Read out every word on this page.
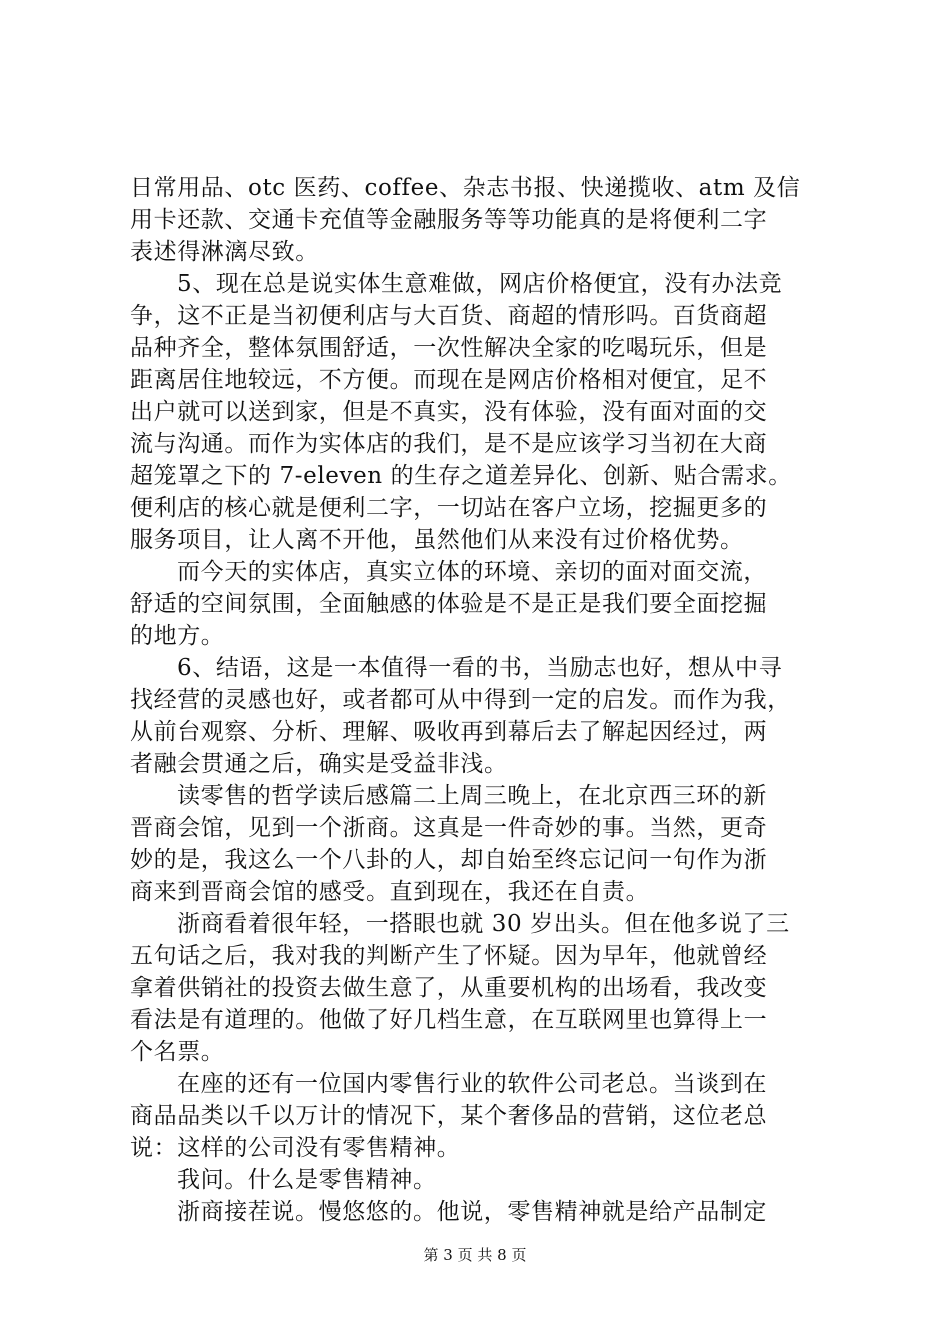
日常用品、otc 医药、coffee、杂志书报、快递揽收、atm 及信
用卡还款、交通卡充值等金融服务等等功能真的是将便利二字
表述得淋漓尽致。
5、现在总是说实体生意难做，网店价格便宜，没有办法竞
争，这不正是当初便利店与大百货、商超的情形吗。百货商超
品种齐全，整体氛围舒适，一次性解决全家的吃喝玩乐，但是
距离居住地较远，不方便。而现在是网店价格相对便宜，足不
出户就可以送到家，但是不真实，没有体验，没有面对面的交
流与沟通。而作为实体店的我们，是不是应该学习当初在大商
超笼罩之下的 7-eleven 的生存之道差异化、创新、贴合需求。
便利店的核心就是便利二字，一切站在客户立场，挖掘更多的
服务项目，让人离不开他，虽然他们从来没有过价格优势。
而今天的实体店，真实立体的环境、亲切的面对面交流，
舒适的空间氛围，全面触感的体验是不是正是我们要全面挖掘
的地方。
6、结语，这是一本值得一看的书，当励志也好，想从中寻
找经营的灵感也好，或者都可从中得到一定的启发。而作为我，
从前台观察、分析、理解、吸收再到幕后去了解起因经过，两
者融会贯通之后，确实是受益非浅。
读零售的哲学读后感篇二上周三晚上，在北京西三环的新
晋商会馆，见到一个浙商。这真是一件奇妙的事。当然，更奇
妙的是，我这么一个八卦的人，却自始至终忘记问一句作为浙
商来到晋商会馆的感受。直到现在，我还在自责。
浙商看着很年轻，一搭眼也就 30 岁出头。但在他多说了三
五句话之后，我对我的判断产生了怀疑。因为早年，他就曾经
拿着供销社的投资去做生意了，从重要机构的出场看，我改变
看法是有道理的。他做了好几档生意，在互联网里也算得上一
个名票。
在座的还有一位国内零售行业的软件公司老总。当谈到在
商品品类以千以万计的情况下，某个奢侈品的营销，这位老总
说：这样的公司没有零售精神。
我问。什么是零售精神。
浙商接茬说。慢悠悠的。他说，零售精神就是给产品制定
第 3 页 共 8 页
